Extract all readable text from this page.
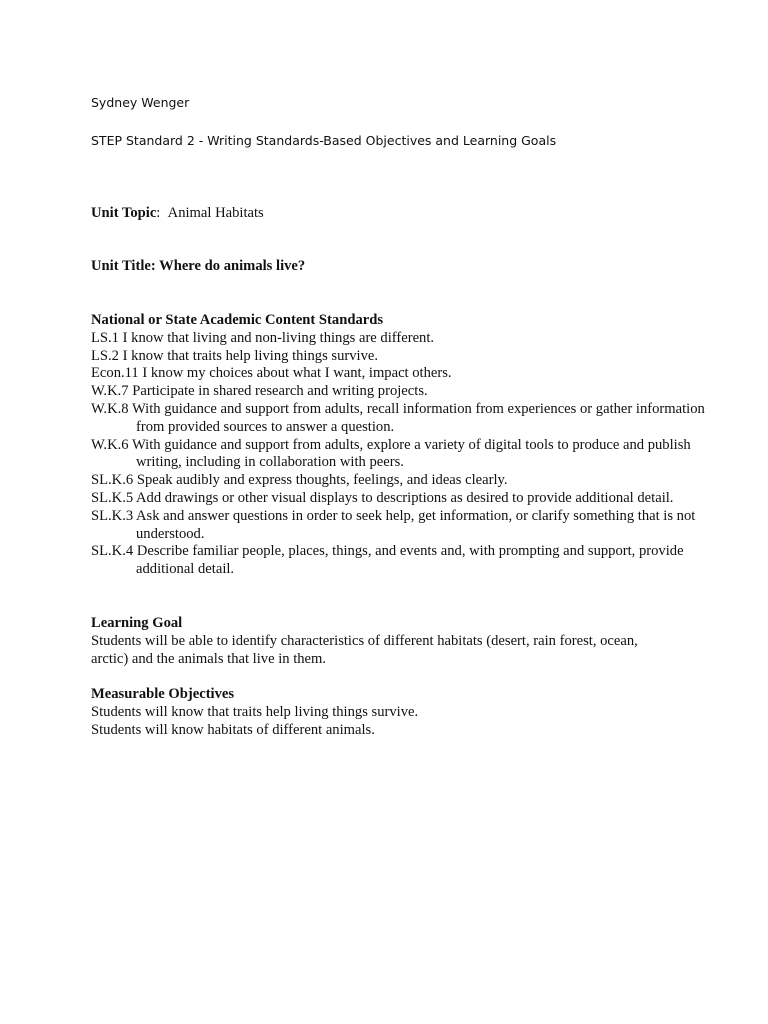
Sydney Wenger
STEP Standard 2 - Writing Standards-Based Objectives and Learning Goals

Unit Topic:  Animal Habitats

Unit Title: Where do animals live?

National or State Academic Content Standards

LS.1 I know that living and non-living things are different.

LS.2 I know that traits help living things survive.

Econ.11 I know my choices about what I want, impact others.

W.K.7 Participate in shared research and writing projects.

W.K.8 With guidance and support from adults, recall information from experiences or gather information from provided sources to answer a question.

W.K.6 With guidance and support from adults, explore a variety of digital tools to produce and publish writing, including in collaboration with peers.

SL.K.6 Speak audibly and express thoughts, feelings, and ideas clearly.

SL.K.5 Add drawings or other visual displays to descriptions as desired to provide additional detail.

SL.K.3 Ask and answer questions in order to seek help, get information, or clarify something that is not understood.

SL.K.4 Describe familiar people, places, things, and events and, with prompting and support, provide additional detail.

Learning Goal

Students will be able to identify characteristics of different habitats (desert, rain forest, ocean, arctic) and the animals that live in them.

Measurable Objectives

Students will know that traits help living things survive.

Students will know habitats of different animals.
